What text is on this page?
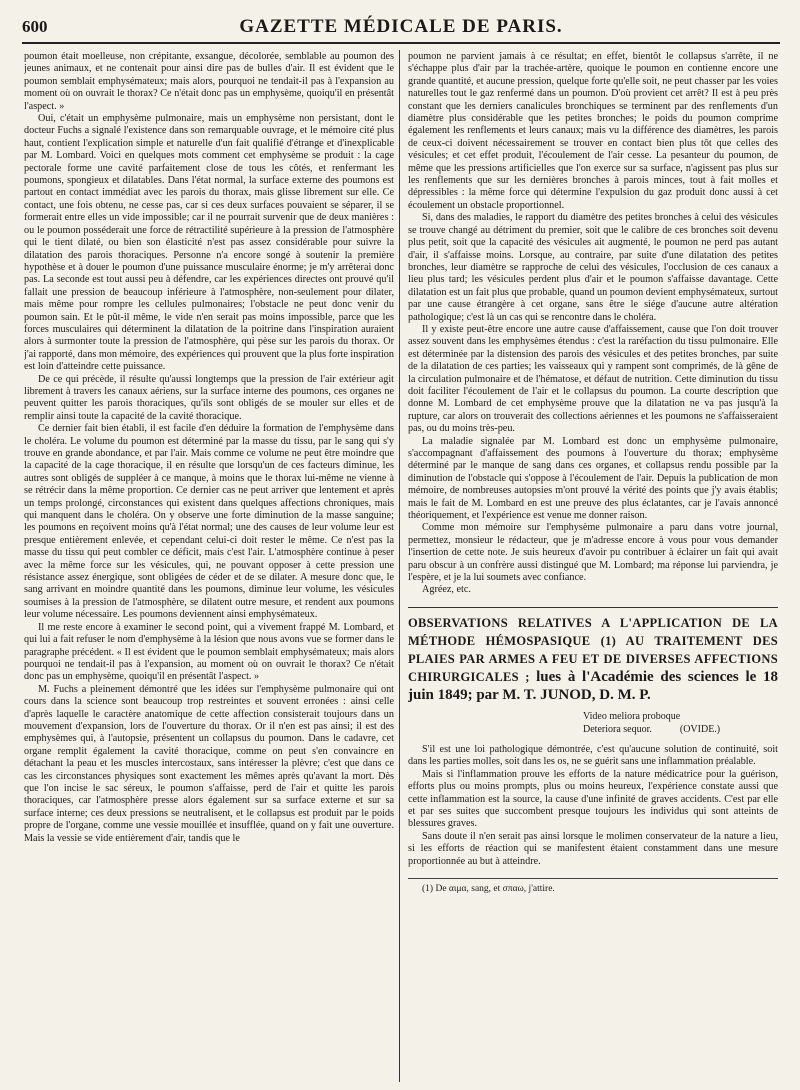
600	GAZETTE MÉDICALE DE PARIS.

poumon était moelleuse, non crépitante, exsangue, décolorée, semblable au poumon des jeunes animaux, et ne contenait pour ainsi dire pas de bulles d'air. Il est évident que le poumon semblait emphysémateux; mais alors, pourquoi ne tendait-il pas à l'expansion au moment où on ouvrait le thorax? Ce n'était donc pas un emphysème, quoiqu'il en présentât l'aspect. »

Oui, c'était un emphysème pulmonaire, mais un emphysème non persistant, dont le docteur Fuchs a signalé l'existence dans son remarquable ouvrage, et le mémoire cité plus haut, contient l'explication simple et naturelle d'un fait qualifié d'étrange et d'inexplicable par M. Lombard. Voici en quelques mots comment cet emphysème se produit : la cage pectorale forme une cavité parfaitement close de tous les côtés, et renfermant les poumons, spongieux et dilatables. Dans l'état normal, la surface externe des poumons est partout en contact immédiat avec les parois du thorax, mais glisse librement sur elle. Ce contact, une fois obtenu, ne cesse pas, car si ces deux surfaces pouvaient se séparer, il se formerait entre elles un vide impossible; car il ne pourrait survenir que de deux manières : ou le poumon posséderait une force de rétractilité supérieure à la pression de l'atmosphère qui le tient dilaté, ou bien son élasticité n'est pas assez considérable pour suivre la dilatation des parois thoraciques. Personne n'a encore songé à soutenir la première hypothèse et à douer le poumon d'une puissance musculaire énorme; je m'y arrêterai donc pas. La seconde est tout aussi peu à défendre, car les expériences directes ont prouvé qu'il fallait une pression de beaucoup inférieure à l'atmosphère, non-seulement pour dilater, mais même pour rompre les cellules pulmonaires; l'obstacle ne peut donc venir du poumon sain. Et le pût-il même, le vide n'en serait pas moins impossible, parce que les forces musculaires qui déterminent la dilatation de la poitrine dans l'inspiration auraient alors à surmonter toute la pression de l'atmosphère, qui pèse sur les parois du thorax. Or j'ai rapporté, dans mon mémoire, des expériences qui prouvent que la plus forte inspiration est loin d'atteindre cette puissance.

De ce qui précède, il résulte qu'aussi longtemps que la pression de l'air extérieur agit librement à travers les canaux aériens, sur la surface interne des poumons, ces organes ne peuvent quitter les parois thoraciques, qu'ils sont obligés de se mouler sur elles et de remplir ainsi toute la capacité de la cavité thoracique.

Ce dernier fait bien établi, il est facile d'en déduire la formation de l'emphysème dans le choléra. Le volume du poumon est déterminé par la masse du tissu, par le sang qui s'y trouve en grande abondance, et par l'air. Mais comme ce volume ne peut être moindre que la capacité de la cage thoracique, il en résulte que lorsqu'un de ces facteurs diminue, les autres sont obligés de suppléer à ce manque, à moins que le thorax lui-même ne vienne à se rétrécir dans la même proportion. Ce dernier cas ne peut arriver que lentement et après un temps prolongé, circonstances qui existent dans quelques affections chroniques, mais qui manquent dans le choléra. On y observe une forte diminution de la masse sanguine; les poumons en reçoivent moins qu'à l'état normal; une des causes de leur volume leur est presque entièrement enlevée, et cependant celui-ci doit rester le même. Ce n'est pas la masse du tissu qui peut combler ce déficit, mais c'est l'air. L'atmosphère continue à peser avec la même force sur les vésicules, qui, ne pouvant opposer à cette pression une résistance assez énergique, sont obligées de céder et de se dilater. A mesure donc que, le sang arrivant en moindre quantité dans les poumons, diminue leur volume, les vésicules soumises à la pression de l'atmosphère, se dilatent outre mesure, et rendent aux poumons leur volume nécessaire. Les poumons deviennent ainsi emphysémateux.

Il me reste encore à examiner le second point, qui a vivement frappé M. Lombard, et qui lui a fait refuser le nom d'emphysème à la lésion que nous avons vue se former dans le paragraphe précédent. « Il est évident que le poumon semblait emphysémateux; mais alors pourquoi ne tendait-il pas à l'expansion, au moment où on ouvrait le thorax? Ce n'était donc pas un emphysème, quoiqu'il en présentât l'aspect. »

M. Fuchs a pleinement démontré que les idées sur l'emphysème pulmonaire qui ont cours dans la science sont beaucoup trop restreintes et souvent erronées : ainsi celle d'après laquelle le caractère anatomique de cette affection consisterait toujours dans un mouvement d'expansion, lors de l'ouverture du thorax. Or il n'en est pas ainsi; il est des emphysèmes qui, à l'autopsie, présentent un collapsus du poumon. Dans le cadavre, cet organe remplit également la cavité thoracique, comme on peut s'en convaincre en détachant la peau et les muscles intercostaux, sans intéresser la plèvre; c'est que dans ce cas les circonstances physiques sont exactement les mêmes après qu'avant la mort. Dès que l'on incise le sac séreux, le poumon s'affaisse, perd de l'air et quitte les parois thoraciques, car l'atmosphère presse alors également sur sa surface externe et sur sa surface interne; ces deux pressions se neutralisent, et le collapsus est produit par le poids propre de l'organe, comme une vessie mouillée et insufflée, quand on y fait une ouverture. Mais la vessie se vide entièrement d'air, tandis que le

poumon ne parvient jamais à ce résultat; en effet, bientôt le collapsus s'arrête, il ne s'échappe plus d'air par la trachée-artère, quoique le poumon en contienne encore une grande quantité, et aucune pression, quelque forte qu'elle soit, ne peut chasser par les voies naturelles tout le gaz renfermé dans un poumon. D'où provient cet arrêt? Il est à peu près constant que les derniers canalicules bronchiques se terminent par des renflements d'un diamètre plus considérable que les petites bronches; le poids du poumon comprime également les renflements et leurs canaux; mais vu la différence des diamètres, les parois de ceux-ci doivent nécessairement se trouver en contact bien plus tôt que celles des vésicules; et cet effet produit, l'écoulement de l'air cesse. La pesanteur du poumon, de même que les pressions artificielles que l'on exerce sur sa surface, n'agissent pas plus sur les renflements que sur les dernières bronches à parois minces, tout à fait molles et dépressibles : la même force qui détermine l'expulsion du gaz produit donc aussi à cet écoulement un obstacle proportionnel.

Si, dans des maladies, le rapport du diamètre des petites bronches à celui des vésicules se trouve changé au détriment du premier, soit que le calibre de ces bronches soit devenu plus petit, soit que la capacité des vésicules ait augmenté, le poumon ne perd pas autant d'air, il s'affaisse moins. Lorsque, au contraire, par suite d'une dilatation des petites bronches, leur diamètre se rapproche de celui des vésicules, l'occlusion de ces canaux a lieu plus tard; les vésicules perdent plus d'air et le poumon s'affaisse davantage. Cette dilatation est un fait plus que probable, quand un poumon devient emphysémateux, surtout par une cause étrangère à cet organe, sans être le siége d'aucune autre altération pathologique; c'est là un cas qui se rencontre dans le choléra.

Il y existe peut-être encore une autre cause d'affaissement, cause que l'on doit trouver assez souvent dans les emphysèmes étendus : c'est la raréfaction du tissu pulmonaire. Elle est déterminée par la distension des parois des vésicules et des petites bronches, par suite de la dilatation de ces parties; les vaisseaux qui y rampent sont comprimés, de là gêne de la circulation pulmonaire et de l'hématose, et défaut de nutrition. Cette diminution du tissu doit faciliter l'écoulement de l'air et le collapsus du poumon. La courte description que donne M. Lombard de cet emphysème prouve que la dilatation ne va pas jusqu'à la rupture, car alors on trouverait des collections aériennes et les poumons ne s'affaisseraient pas, ou du moins très-peu.

La maladie signalée par M. Lombard est donc un emphysème pulmonaire, s'accompagnant d'affaissement des poumons à l'ouverture du thorax; emphysème déterminé par le manque de sang dans ces organes, et collapsus rendu possible par la diminution de l'obstacle qui s'oppose à l'écoulement de l'air. Depuis la publication de mon mémoire, de nombreuses autopsies m'ont prouvé la vérité des points que j'y avais établis; mais le fait de M. Lombard en est une preuve des plus éclatantes, car je l'avais annoncé théoriquement, et l'expérience est venue me donner raison.

Comme mon mémoire sur l'emphysème pulmonaire a paru dans votre journal, permettez, monsieur le rédacteur, que je m'adresse encore à vous pour vous demander l'insertion de cette note. Je suis heureux d'avoir pu contribuer à éclairer un fait qui avait paru obscur à un confrère aussi distingué que M. Lombard; ma réponse lui parviendra, je l'espère, et je la lui soumets avec confiance.

Agréez, etc.

OBSERVATIONS RELATIVES A L'APPLICATION DE LA MÉTHODE HÉMOSPASIQUE (1) AU TRAITEMENT DES PLAIES PAR ARMES A FEU ET DE DIVERSES AFFECTIONS CHIRURGICALES ; lues à l'Académie des sciences le 18 juin 1849; par M. T. JUNOD, D. M. P.
Video meliora proboque
Deteriora sequor.	(OVIDE.)

S'il est une loi pathologique démontrée, c'est qu'aucune solution de continuité, soit dans les parties molles, soit dans les os, ne se guérit sans une inflammation préalable.

Mais si l'inflammation prouve les efforts de la nature médicatrice pour la guérison, efforts plus ou moins prompts, plus ou moins heureux, l'expérience constate aussi que cette inflammation est la source, la cause d'une infinité de graves accidents. C'est par elle et par ses suites que succombent presque toujours les individus qui sont atteints de blessures graves.

Sans doute il n'en serait pas ainsi lorsque le molimen conservateur de la nature a lieu, si les efforts de réaction qui se manifestent étaient constamment dans une mesure proportionnée au but à atteindre.

(1) De αιμα, sang, et σπαω, j'attire.
